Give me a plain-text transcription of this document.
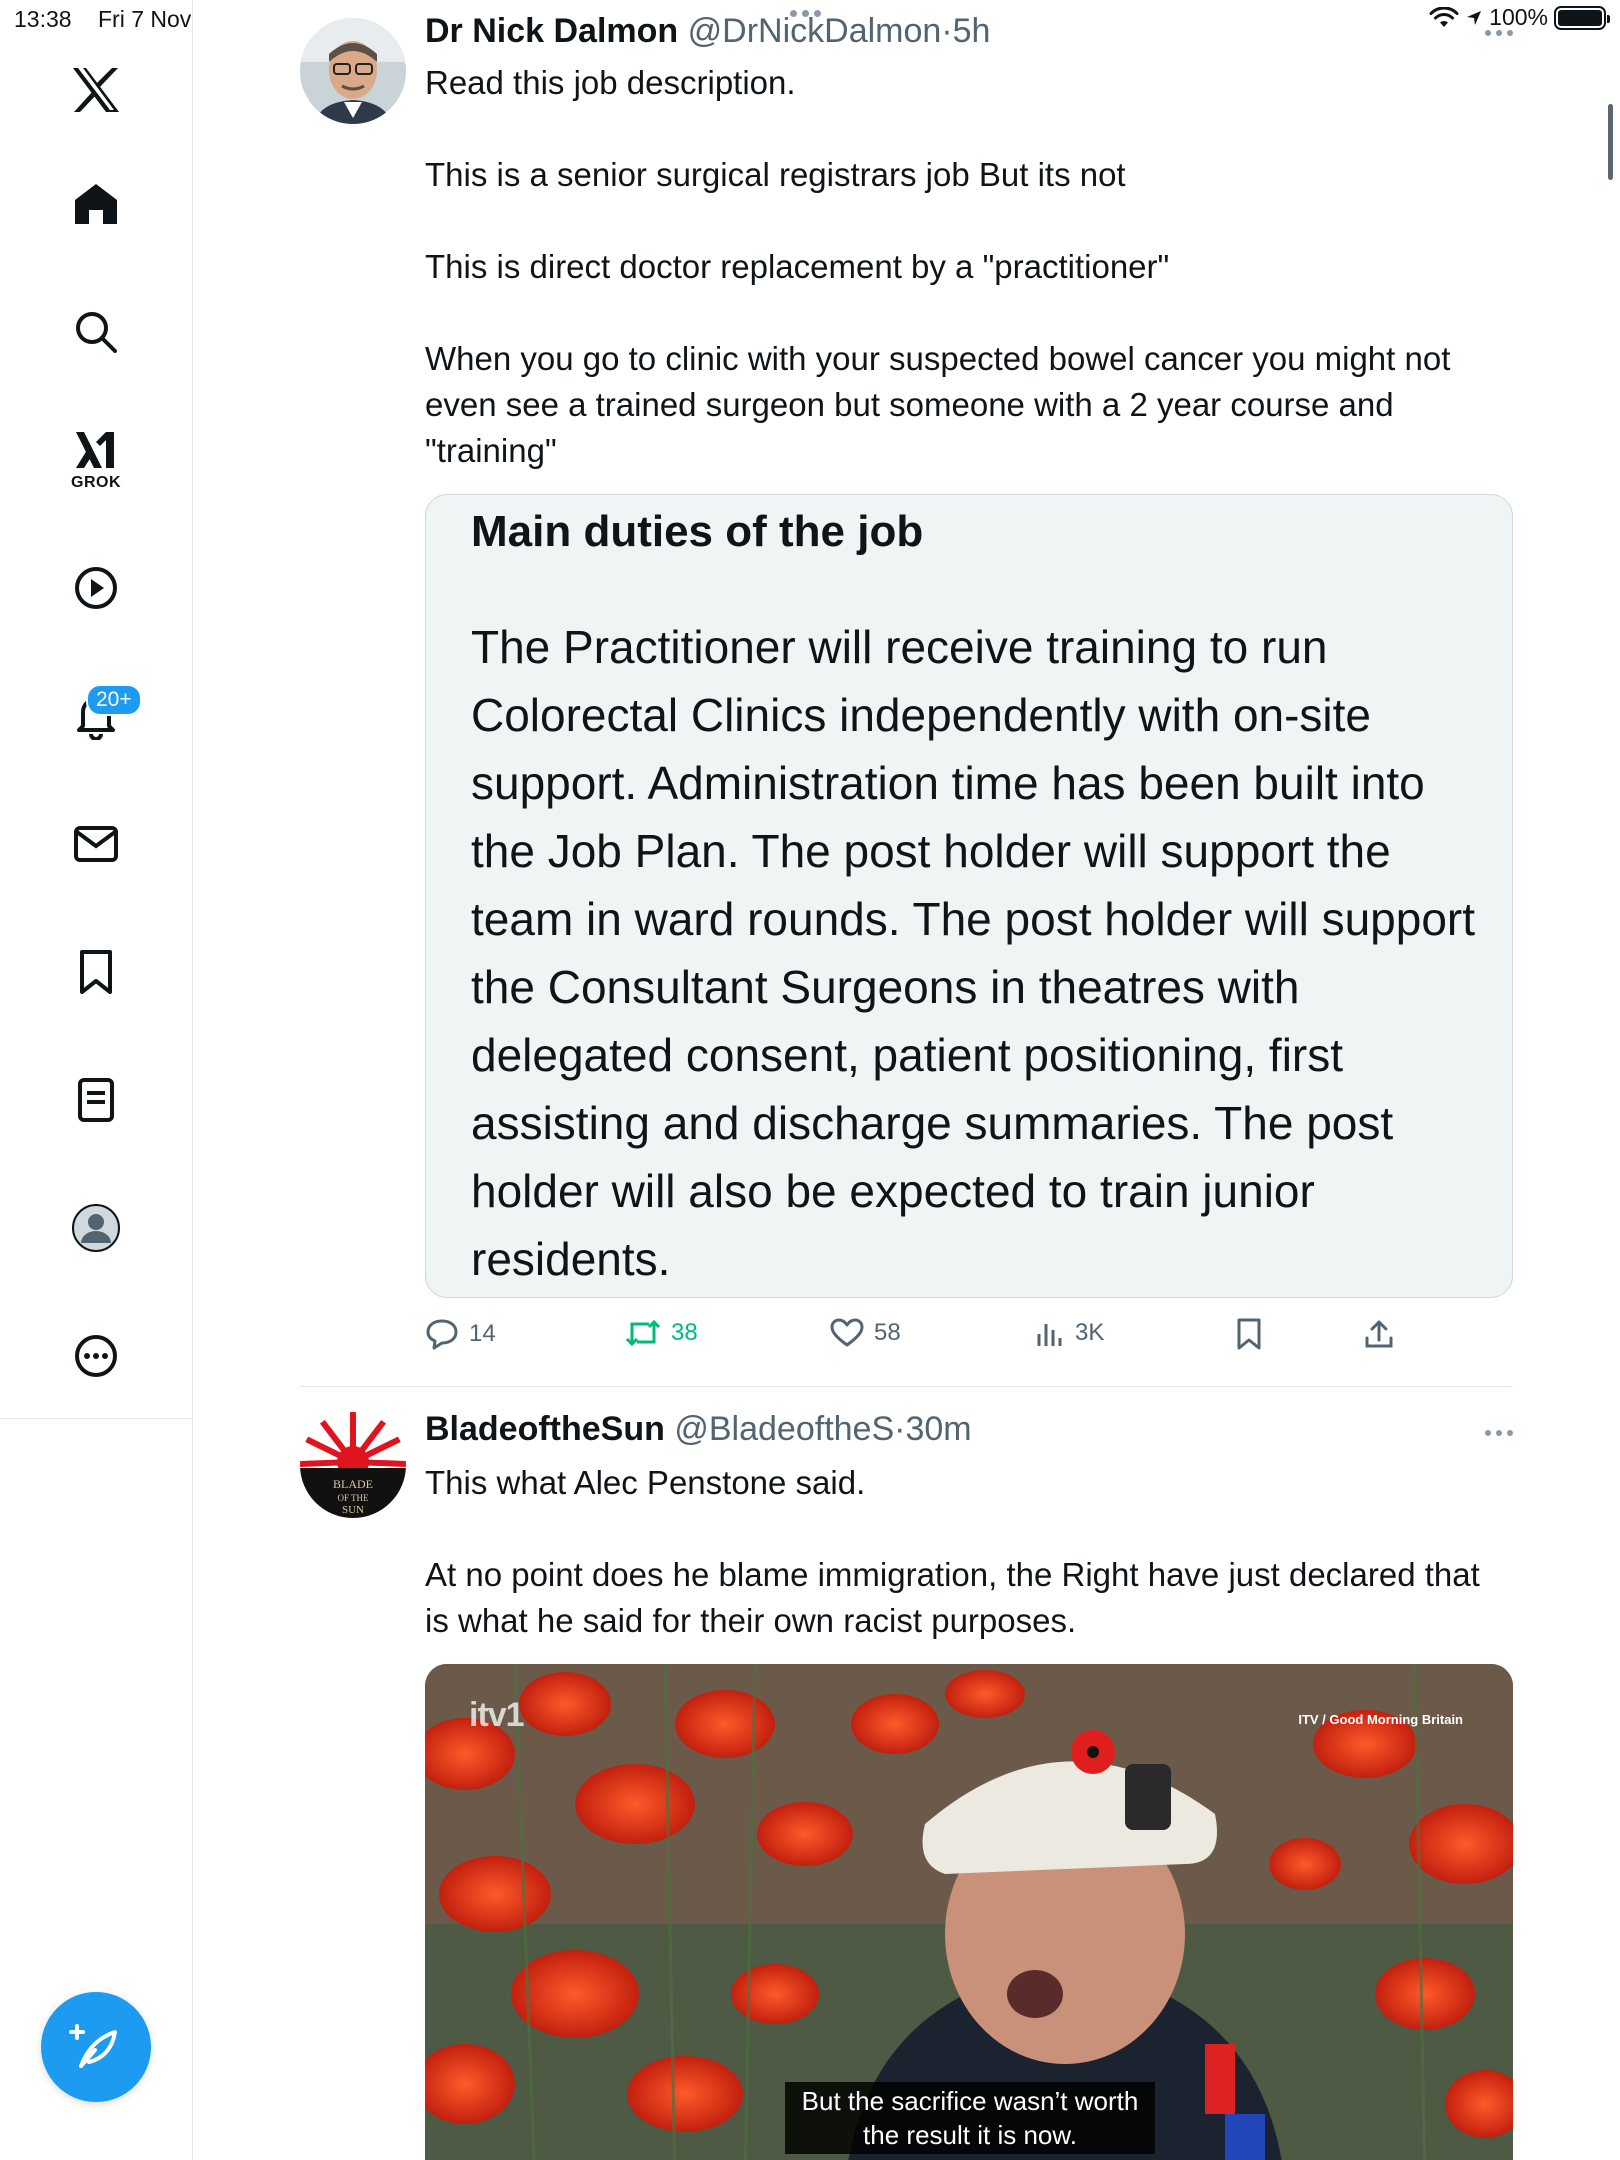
13:38 Fri 7 Nov	100%
GROK
20+
Dr Nick Dalmon @DrNickDalmon·5h

Read this job description.

This is a senior surgical registrars job But its not

This is direct doctor replacement by a "practitioner"

When you go to clinic with your suspected bowel cancer you might not even see a trained surgeon but someone with a 2 year course and "training"

Main duties of the job
The Practitioner will receive training to run Colorectal Clinics independently with on-site support. Administration time has been built into the Job Plan. The post holder will support the team in ward rounds. The post holder will support the Consultant Surgeons in theatres with delegated consent, patient positioning, first assisting and discharge summaries. The post holder will also be expected to train junior residents.
14	38	58	3K
BLADE
OF THE
SUN
BladeoftheSun @BladeoftheS·30m

This what Alec Penstone said.

At no point does he blame immigration, the Right have just declared that is what he said for their own racist purposes.

itv1	ITV / Good Morning Britain
But the sacrifice wasn’t worth
the result it is now.
